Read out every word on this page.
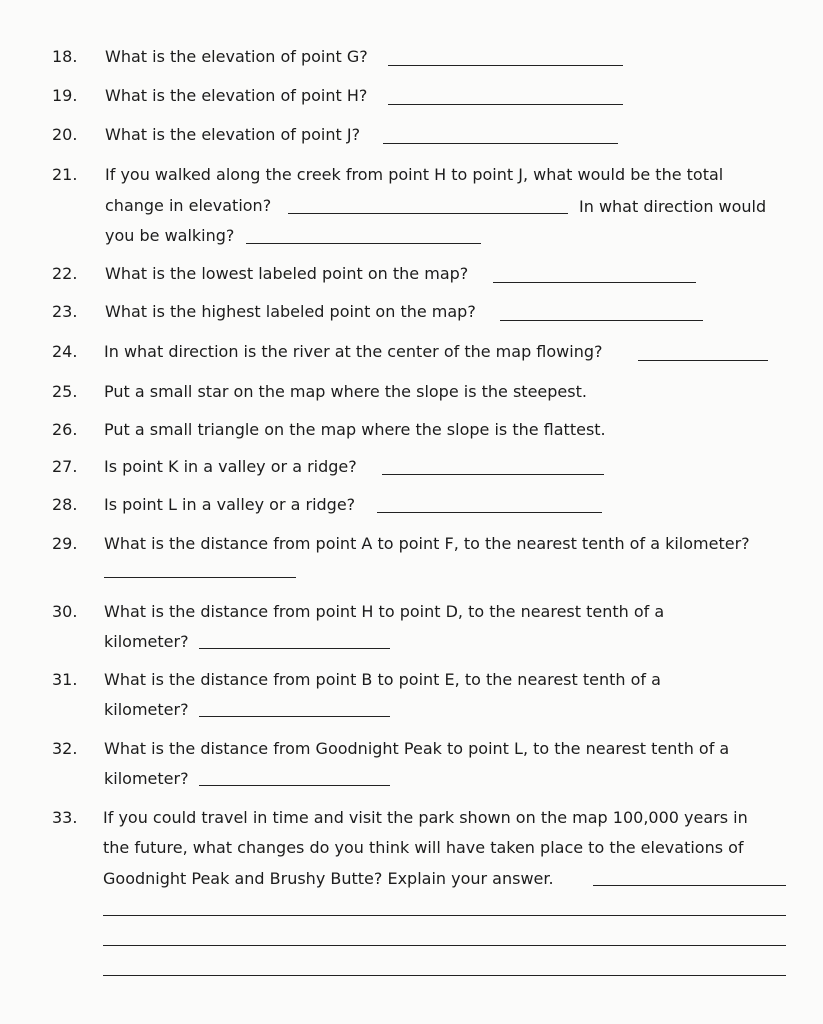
18. What is the elevation of point G?
19. What is the elevation of point H?
20. What is the elevation of point J?
21. If you walked along the creek from point H to point J, what would be the total
change in elevation?	In what direction would
you be walking?
22. What is the lowest labeled point on the map?
23. What is the highest labeled point on the map?
24. In what direction is the river at the center of the map flowing?
25. Put a small star on the map where the slope is the steepest.
26. Put a small triangle on the map where the slope is the flattest.
27. Is point K in a valley or a ridge?
28. Is point L in a valley or a ridge?
29. What is the distance from point A to point F, to the nearest tenth of a kilometer?
30. What is the distance from point H to point D, to the nearest tenth of a
kilometer?
31. What is the distance from point B to point E, to the nearest tenth of a
kilometer?
32. What is the distance from Goodnight Peak to point L, to the nearest tenth of a
kilometer?
33. If you could travel in time and visit the park shown on the map 100,000 years in
the future, what changes do you think will have taken place to the elevations of
Goodnight Peak and Brushy Butte? Explain your answer.
